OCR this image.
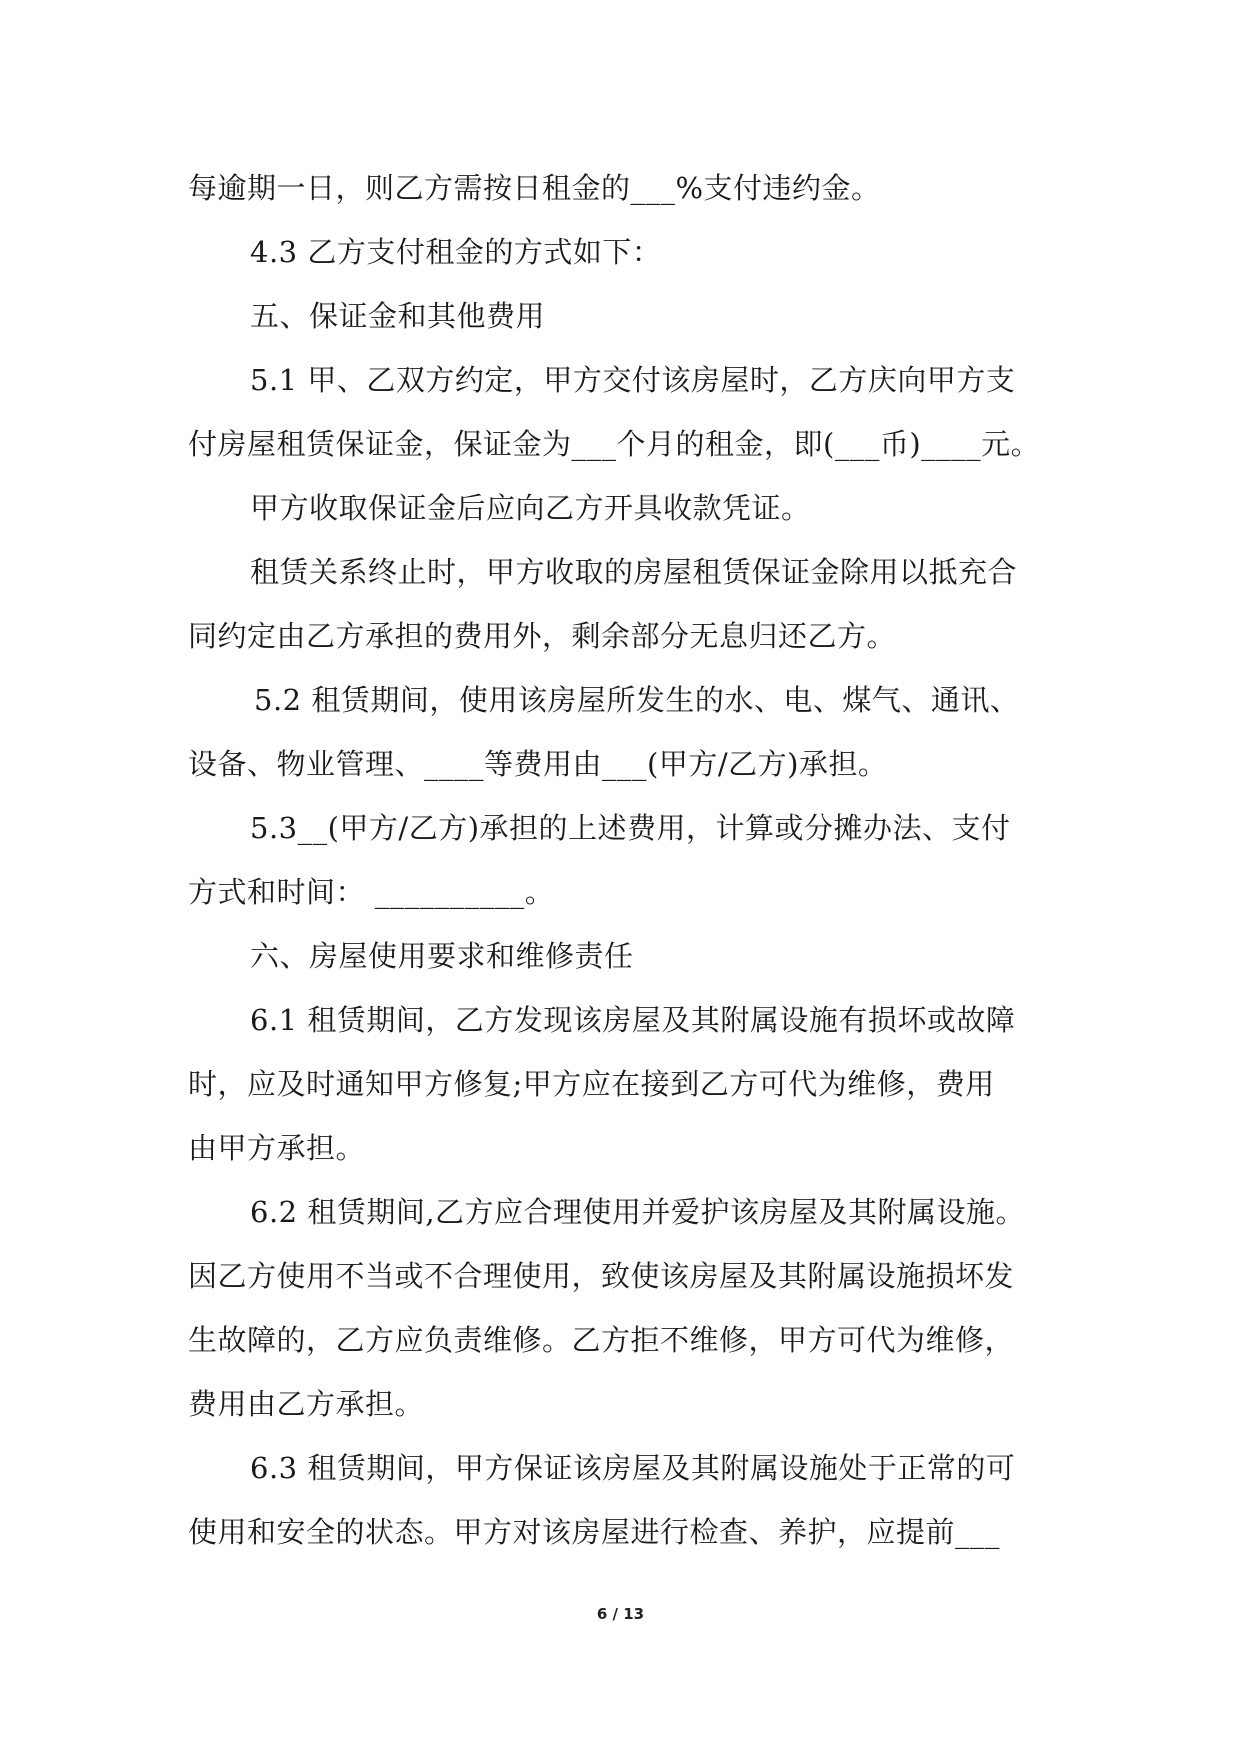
每逾期一日，则乙方需按日租金的___%支付违约金。
4.3 乙方支付租金的方式如下：
五、保证金和其他费用
5.1 甲、乙双方约定，甲方交付该房屋时，乙方庆向甲方支
付房屋租赁保证金，保证金为___个月的租金，即(___币)____元。
甲方收取保证金后应向乙方开具收款凭证。
租赁关系终止时，甲方收取的房屋租赁保证金除用以抵充合
同约定由乙方承担的费用外，剩余部分无息归还乙方。
5.2 租赁期间，使用该房屋所发生的水、电、煤气、通讯、
设备、物业管理、____等费用由___(甲方/乙方)承担。
5.3__(甲方/乙方)承担的上述费用，计算或分摊办法、支付
方式和时间： __________。
六、房屋使用要求和维修责任
6.1 租赁期间，乙方发现该房屋及其附属设施有损坏或故障
时，应及时通知甲方修复;甲方应在接到乙方可代为维修，费用
由甲方承担。
6.2 租赁期间,乙方应合理使用并爱护该房屋及其附属设施。
因乙方使用不当或不合理使用，致使该房屋及其附属设施损坏发
生故障的，乙方应负责维修。乙方拒不维修，甲方可代为维修，
费用由乙方承担。
6.3 租赁期间，甲方保证该房屋及其附属设施处于正常的可
使用和安全的状态。甲方对该房屋进行检查、养护，应提前___
6 / 13
